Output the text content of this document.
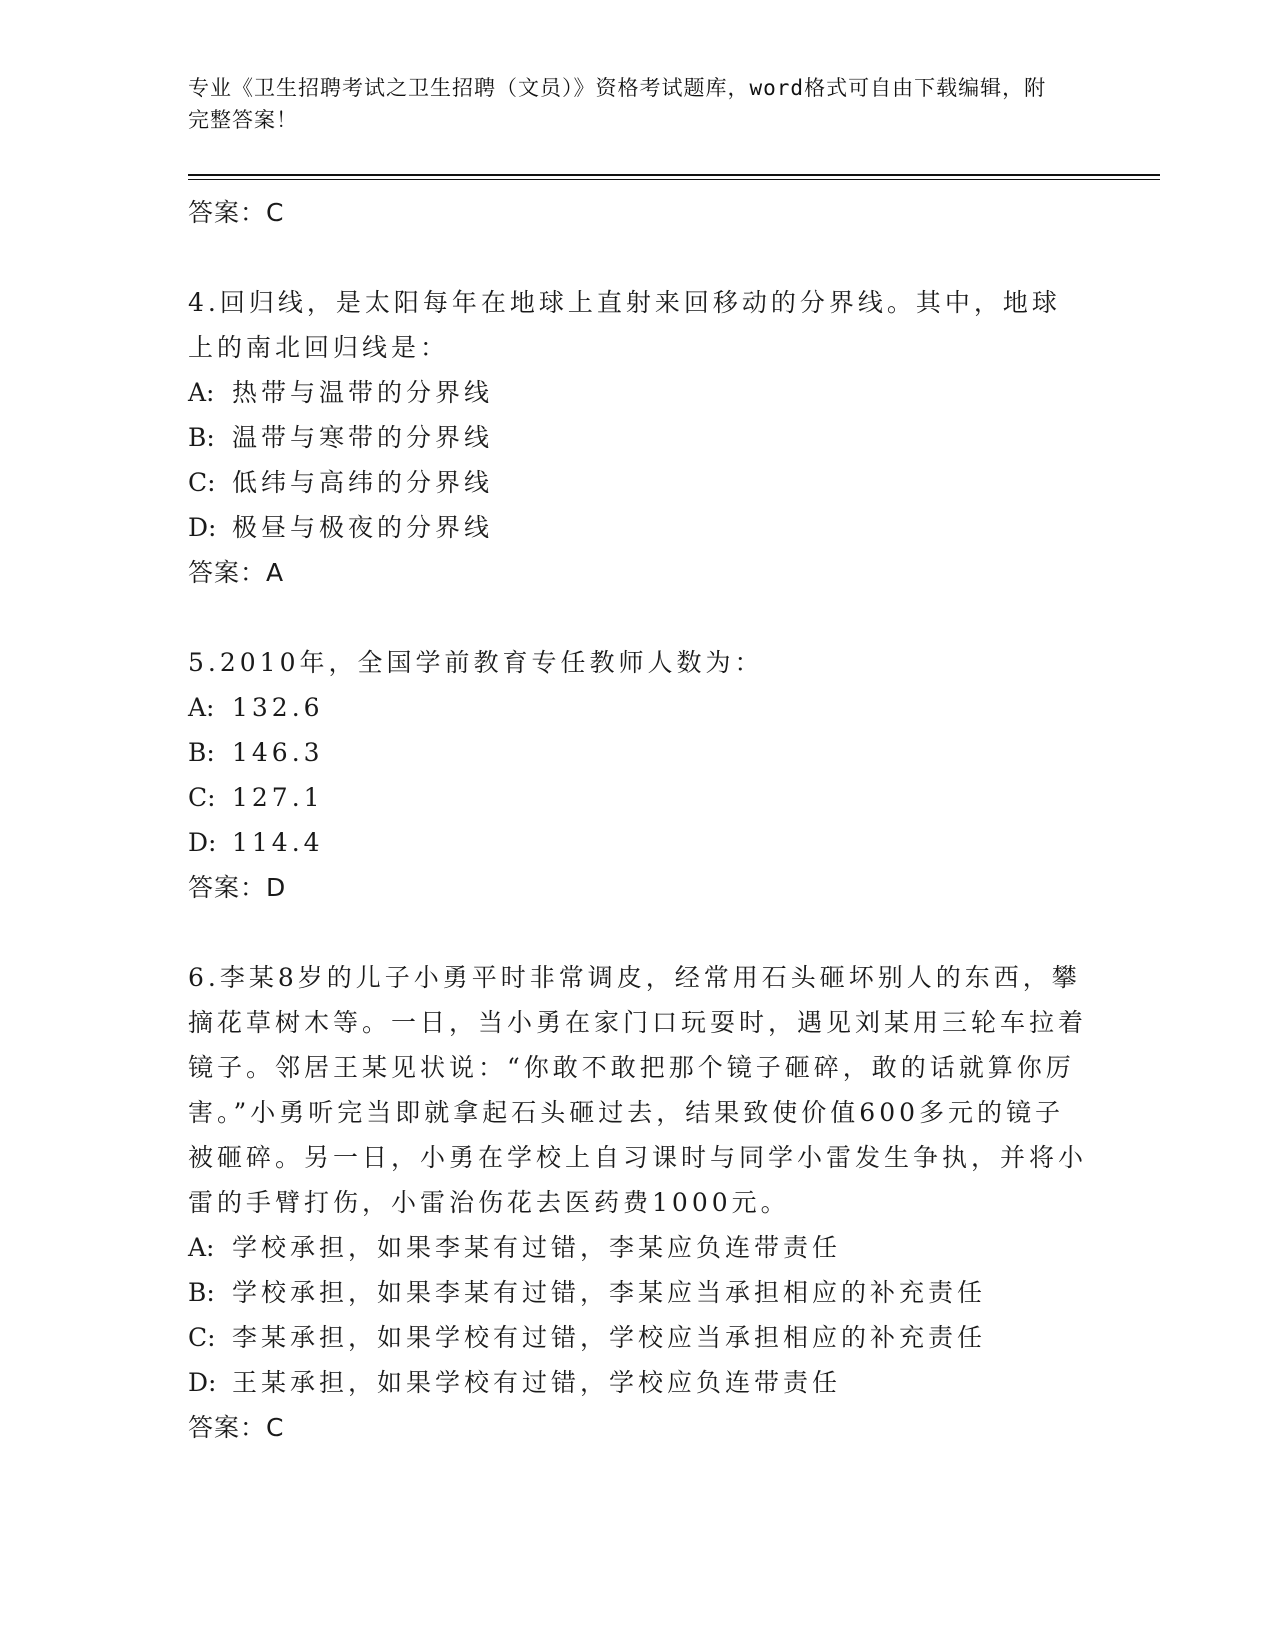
专业《卫生招聘考试之卫生招聘（文员）》资格考试题库，word格式可自由下载编辑，附完整答案！
答案：C
4.回归线，是太阳每年在地球上直射来回移动的分界线。其中，地球上的南北回归线是：
A: 热带与温带的分界线
B: 温带与寒带的分界线
C: 低纬与高纬的分界线
D: 极昼与极夜的分界线
答案：A
5.2010年，全国学前教育专任教师人数为：
A: 132.6
B: 146.3
C: 127.1
D: 114.4
答案：D
6.李某8岁的儿子小勇平时非常调皮，经常用石头砸坏别人的东西，攀摘花草树木等。一日，当小勇在家门口玩耍时，遇见刘某用三轮车拉着镜子。邻居王某见状说：“你敢不敢把那个镜子砸碎，敢的话就算你厉害。”小勇听完当即就拿起石头砸过去，结果致使价值600多元的镜子被砸碎。另一日，小勇在学校上自习课时与同学小雷发生争执，并将小雷的手臂打伤，小雷治伤花去医药费1000元。
A: 学校承担，如果李某有过错，李某应负连带责任
B: 学校承担，如果李某有过错，李某应当承担相应的补充责任
C: 李某承担，如果学校有过错，学校应当承担相应的补充责任
D: 王某承担，如果学校有过错，学校应负连带责任
答案：C
